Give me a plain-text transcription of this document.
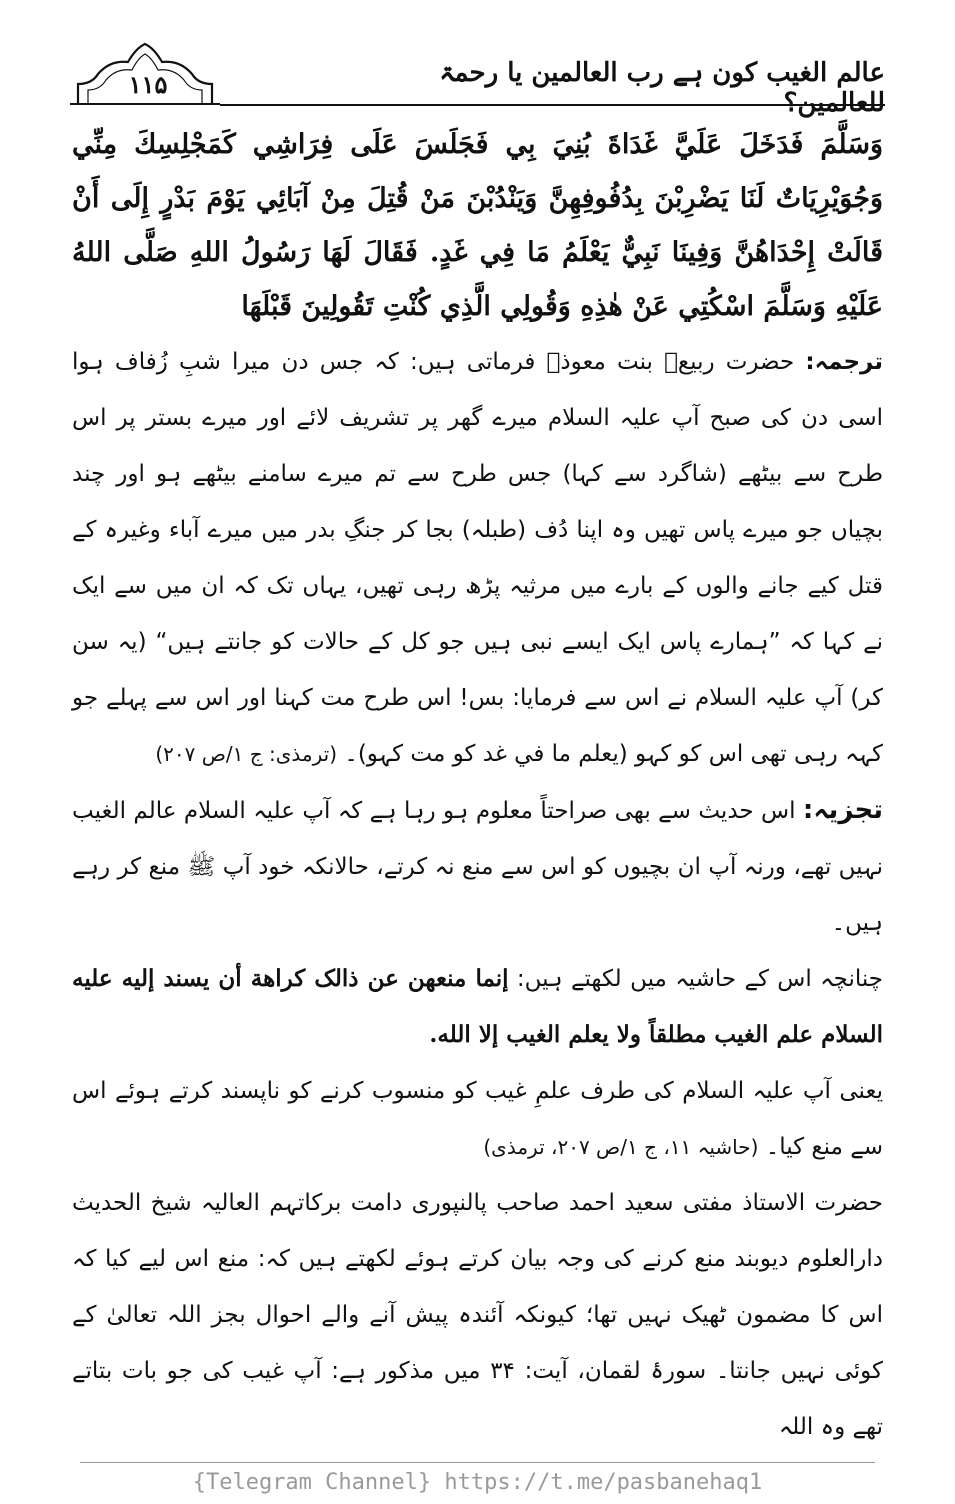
۱۱۵	عالم الغیب کون ہے رب العالمین یا رحمۃ للعالمین؟

وَسَلَّمَ فَدَخَلَ عَلَيَّ غَدَاةَ بُنِيَ بِي فَجَلَسَ عَلَى فِرَاشِي كَمَجْلِسِكَ مِنِّي وَجُوَيْرِيَاتٌ لَنَا يَضْرِبْنَ بِدُفُوفِهِنَّ وَيَنْدُبْنَ مَنْ قُتِلَ مِنْ آبَائِي يَوْمَ بَدْرٍ إِلَى أَنْ قَالَتْ إِحْدَاهُنَّ وَفِينَا نَبِيٌّ يَعْلَمُ مَا فِي غَدٍ. فَقَالَ لَهَا رَسُولُ اللهِ صَلَّى اللهُ عَلَيْهِ وَسَلَّمَ اسْكُتِي عَنْ هٰذِهِ وَقُولِي الَّذِي كُنْتِ تَقُولِينَ قَبْلَهَا

ترجمہ: حضرت ربیعؓ بنت معوذؓ فرماتی ہیں: کہ جس دن میرا شبِ زُفاف ہوا اسی دن کی صبح آپ علیہ السلام میرے گھر پر تشریف لائے اور میرے بستر پر اس طرح سے بیٹھے (شاگرد سے کہا) جس طرح سے تم میرے سامنے بیٹھے ہو اور چند بچیاں جو میرے پاس تھیں وہ اپنا دُف (طبلہ) بجا کر جنگِ بدر میں میرے آباء وغیرہ کے قتل کیے جانے والوں کے بارے میں مرثیہ پڑھ رہی تھیں، یہاں تک کہ ان میں سے ایک نے کہا کہ ”ہمارے پاس ایک ایسے نبی ہیں جو کل کے حالات کو جانتے ہیں“ (یہ سن کر) آپ علیہ السلام نے اس سے فرمایا: بس! اس طرح مت کہنا اور اس سے پہلے جو کہہ رہی تھی اس کو کہو (يعلم ما في غد کو مت کہو)۔ (ترمذی: ج ۱/ص ۲۰۷)

تجزیہ: اس حدیث سے بھی صراحتاً معلوم ہو رہا ہے کہ آپ علیہ السلام عالم الغیب نہیں تھے، ورنہ آپ ان بچیوں کو اس سے منع نہ کرتے، حالانکہ خود آپ ﷺ منع کر رہے ہیں۔

چنانچہ اس کے حاشیہ میں لکھتے ہیں: إنما منعهن عن ذالک كراهة أن يسند إليه عليه السلام علم الغيب مطلقاً ولا يعلم الغيب إلا الله.

یعنی آپ علیہ السلام کی طرف علمِ غیب کو منسوب کرنے کو ناپسند کرتے ہوئے اس سے منع کیا۔ (حاشیہ ۱۱، ج ۱/ص ۲۰۷، ترمذی)

حضرت الاستاذ مفتی سعید احمد صاحب پالنپوری دامت برکاتہم العالیہ شیخ الحدیث دارالعلوم دیوبند منع کرنے کی وجہ بیان کرتے ہوئے لکھتے ہیں کہ: منع اس لیے کیا کہ اس کا مضمون ٹھیک نہیں تھا؛ کیونکہ آئندہ پیش آنے والے احوال بجز اللہ تعالیٰ کے کوئی نہیں جانتا۔ سورۂ لقمان، آیت: ۳۴ میں مذکور ہے: آپ غیب کی جو بات بتاتے تھے وہ اللہ

{Telegram Channel} https://t.me/pasbanehaq1
